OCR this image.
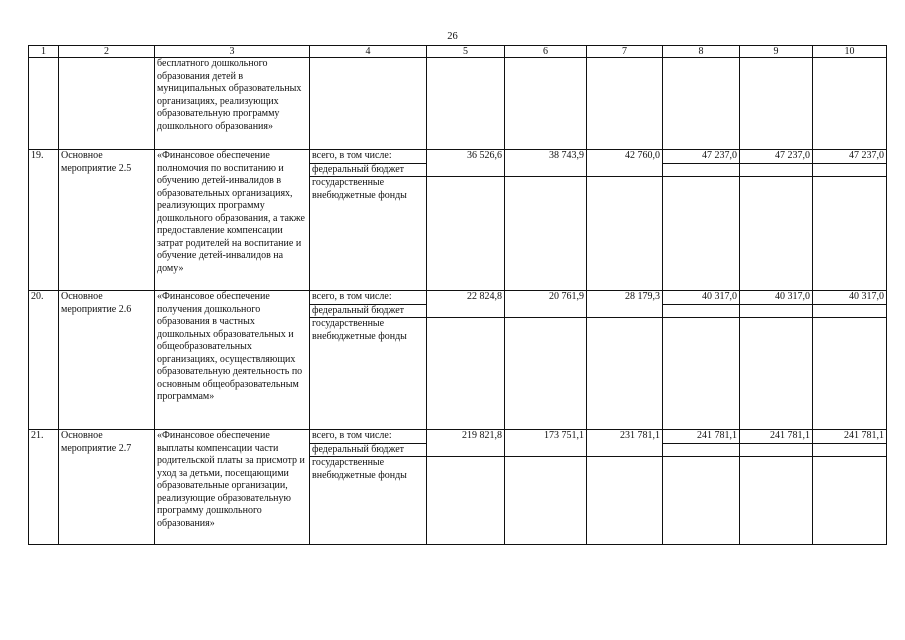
26
1	2	3	4	5	6	7	8	9	10
		бесплатного дошкольного образования детей в муниципальных образовательных организациях, реализующих образовательную программу дошкольного образования»							
19.	Основное мероприятие 2.5	«Финансовое обеспечение полномочия по воспитанию и обучению детей-инвалидов в образовательных организациях, реализующих программу дошкольного образования, а также предоставление компенсации затрат родителей на воспитание и обучение детей-инвалидов на дому»	всего, в том числе:	36 526,6	38 743,9	42 760,0	47 237,0	47 237,0	47 237,0
			федеральный бюджет						
			государственные внебюджетные фонды						
20.	Основное мероприятие 2.6	«Финансовое обеспечение получения дошкольного образования в частных дошкольных образовательных и общеобразовательных организациях, осуществляющих образовательную деятельность по основным общеобразовательным программам»	всего, в том числе:	22 824,8	20 761,9	28 179,3	40 317,0	40 317,0	40 317,0
			федеральный бюджет						
			государственные внебюджетные фонды						
21.	Основное мероприятие 2.7	«Финансовое обеспечение выплаты компенсации части родительской платы за присмотр и уход за детьми, посещающими образовательные организации, реализующие образовательную программу дошкольного образования»	всего, в том числе:	219 821,8	173 751,1	231 781,1	241 781,1	241 781,1	241 781,1
			федеральный бюджет						
			государственные внебюджетные фонды						
